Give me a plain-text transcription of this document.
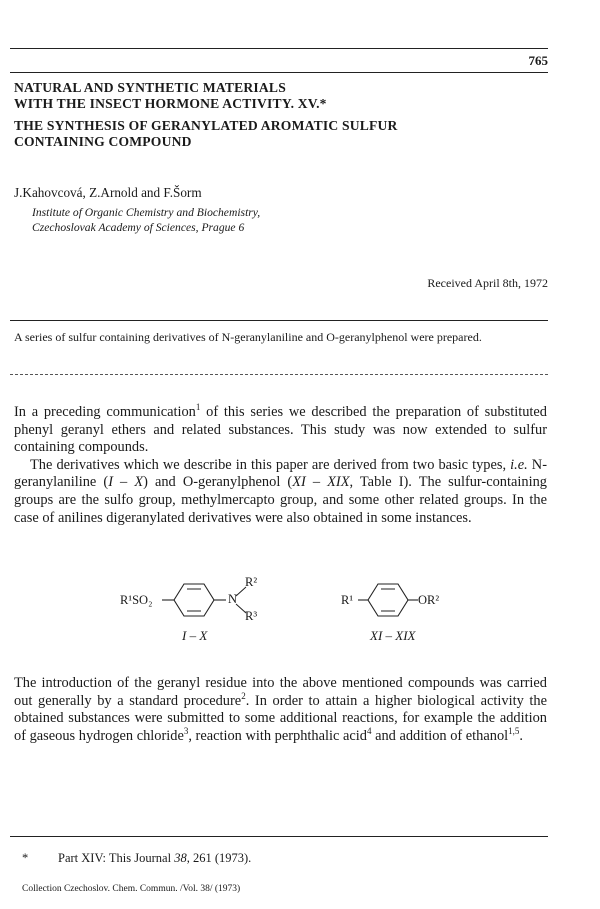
765
NATURAL AND SYNTHETIC MATERIALS
WITH THE INSECT HORMONE ACTIVITY. XV.*
THE SYNTHESIS OF GERANYLATED AROMATIC SULFUR
CONTAINING COMPOUND
J.Kahovcová, Z.Arnold and F.Šorm
Institute of Organic Chemistry and Biochemistry,
Czechoslovak Academy of Sciences, Prague 6
Received April 8th, 1972
A series of sulfur containing derivatives of N-geranylaniline and O-geranylphenol were prepared.

In a preceding communication$^1$ of this series we described the preparation of substituted phenyl geranyl ethers and related substances. This study was now extended to sulfur containing compounds.

The derivatives which we describe in this paper are derived from two basic types, i.e. N-geranylaniline (I – X) and O-geranylphenol (XI – XIX, Table I). The sulfur-containing groups are the sulfo group, methylmercapto group, and some other related groups. In the case of anilines digeranylated derivatives were also obtained in some instances.

R¹SO₂	N
R²
R³
I – X
R¹	OR²
XI – XIX

The introduction of the geranyl residue into the above mentioned compounds was carried out generally by a standard procedure$^2$. In order to attain a higher biological activity the obtained substances were submitted to some additional reactions, for example the addition of gaseous hydrogen chloride$^3$, reaction with perphthalic acid$^4$ and addition of ethanol$^{1,5}$.

* Part XIV: This Journal 38, 261 (1973).
Collection Czechoslov. Chem. Commun. /Vol. 38/ (1973)
